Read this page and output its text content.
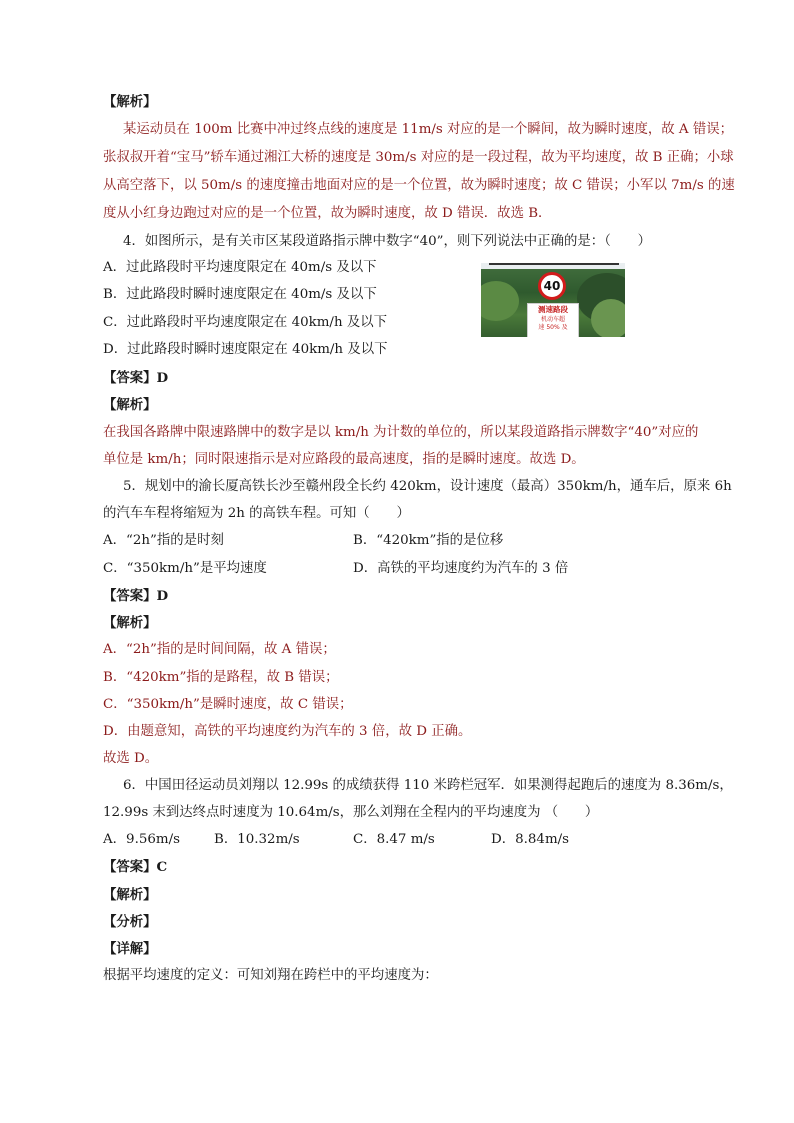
【解析】
某运动员在 100m 比赛中冲过终点线的速度是 11m/s 对应的是一个瞬间，故为瞬时速度，故 A 错误；
张叔叔开着“宝马”轿车通过湘江大桥的速度是 30m/s 对应的是一段过程，故为平均速度，故 B 正确；小球
从高空落下，以 50m/s 的速度撞击地面对应的是一个位置，故为瞬时速度；故 C 错误；小军以 7m/s 的速
度从小红身边跑过对应的是一个位置，故为瞬时速度，故 D 错误．故选 B．
4．如图所示，是有关市区某段道路指示牌中数字“40”，则下列说法中正确的是：（　　）
A．过此路段时平均速度限定在 40m/s 及以下
B．过此路段时瞬时速度限定在 40m/s 及以下
C．过此路段时平均速度限定在 40km/h 及以下
D．过此路段时瞬时速度限定在 40km/h 及以下
40
测速路段
机动车超
速 50% 及
【答案】D
【解析】
在我国各路牌中限速路牌中的数字是以 km/h 为计数的单位的，所以某段道路指示牌数字“40”对应的
单位是 km/h；同时限速指示是对应路段的最高速度，指的是瞬时速度。故选 D。
5．规划中的渝长厦高铁长沙至赣州段全长约 420km，设计速度（最高）350km/h，通车后，原来 6h
的汽车车程将缩短为 2h 的高铁车程。可知（　　）
A．“2h”指的是时刻	B．“420km”指的是位移
C．“350km/h”是平均速度	D．高铁的平均速度约为汽车的 3 倍
【答案】D
【解析】
A．“2h”指的是时间间隔，故 A 错误；
B．“420km”指的是路程，故 B 错误；
C．“350km/h”是瞬时速度，故 C 错误；
D．由题意知，高铁的平均速度约为汽车的 3 倍，故 D 正确。
故选 D。
6．中国田径运动员刘翔以 12.99s 的成绩获得 110 米跨栏冠军．如果测得起跑后的速度为 8.36m/s，
12.99s 末到达终点时速度为 10.64m/s，那么刘翔在全程内的平均速度为 （　　）
A．9.56m/s	B．10.32m/s	C．8.47 m/s	D．8.84m/s
【答案】C
【解析】
【分析】
【详解】
根据平均速度的定义：可知刘翔在跨栏中的平均速度为：
